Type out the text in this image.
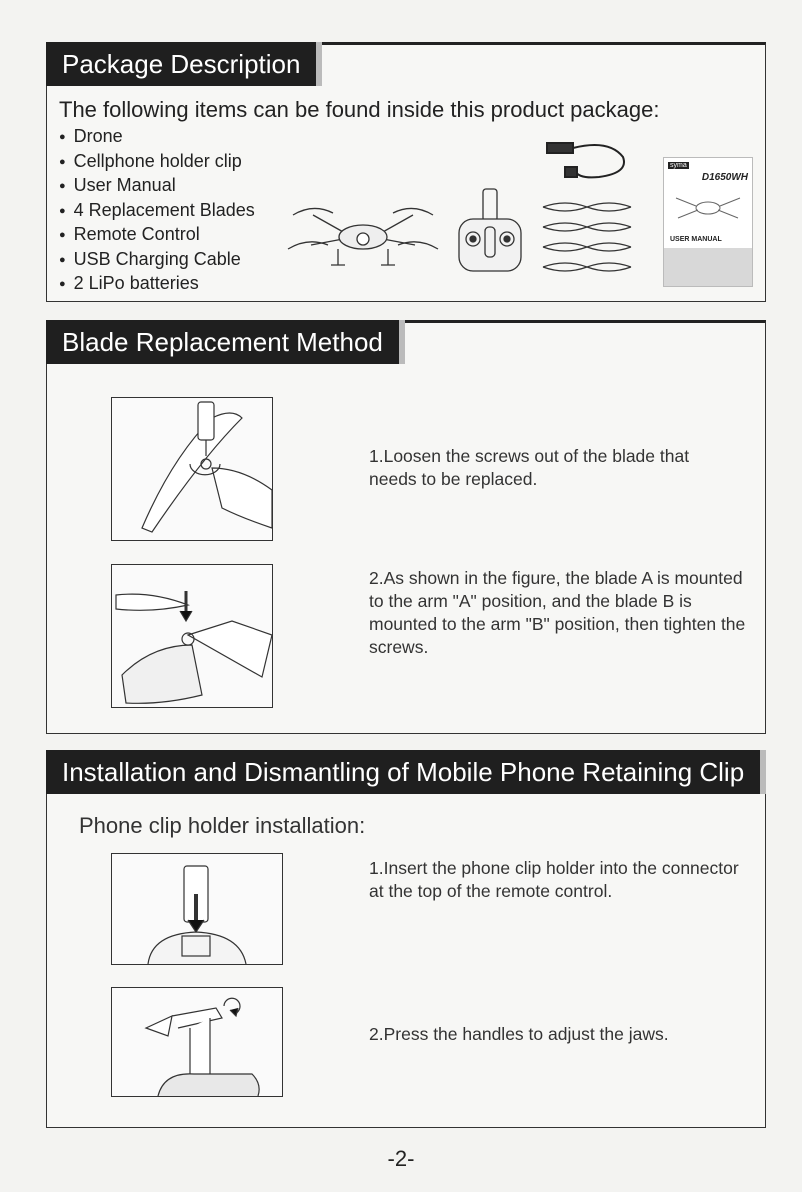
Package Description
The following items can be found inside this product package:
● Drone
● Cellphone holder clip
● User Manual
● 4 Replacement Blades
● Remote Control
● USB Charging Cable
● 2 LiPo batteries
syma
D1650WH
USER MANUAL
Blade Replacement Method
1.Loosen the screws out of the blade that needs to be replaced.
2.As shown in the figure, the blade A is mounted to the arm "A" position, and the blade B is mounted to the arm "B" position, then tighten the screws.
Installation and Dismantling of Mobile Phone Retaining Clip
Phone clip holder installation:
1.Insert the phone clip holder into the connector at the top of the remote control.
2.Press the handles to adjust the jaws.
-2-
